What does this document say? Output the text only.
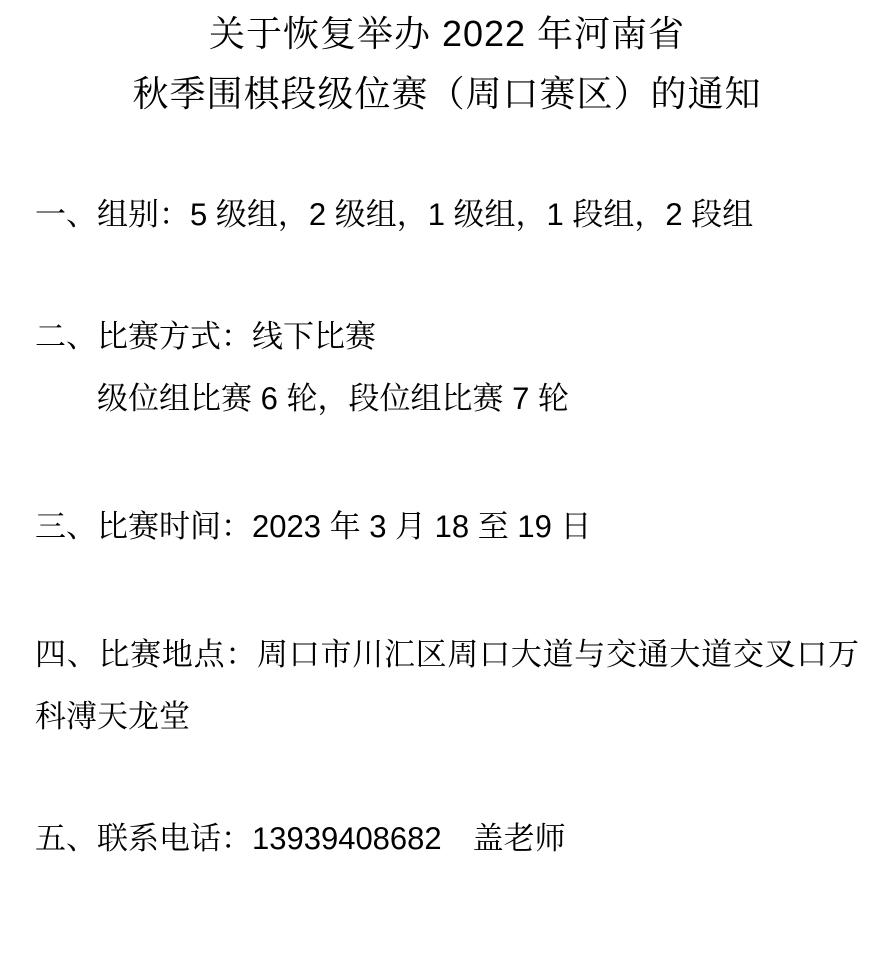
关于恢复举办 2022 年河南省
秋季围棋段级位赛（周口赛区）的通知

一、组别：5 级组，2 级组，1 级组，1 段组，2 段组

二、比赛方式：线下比赛
级位组比赛 6 轮，段位组比赛 7 轮

三、比赛时间：2023 年 3 月 18 至 19 日

四、比赛地点：周口市川汇区周口大道与交通大道交叉口万科溥天龙堂

五、联系电话：13939408682　盖老师
